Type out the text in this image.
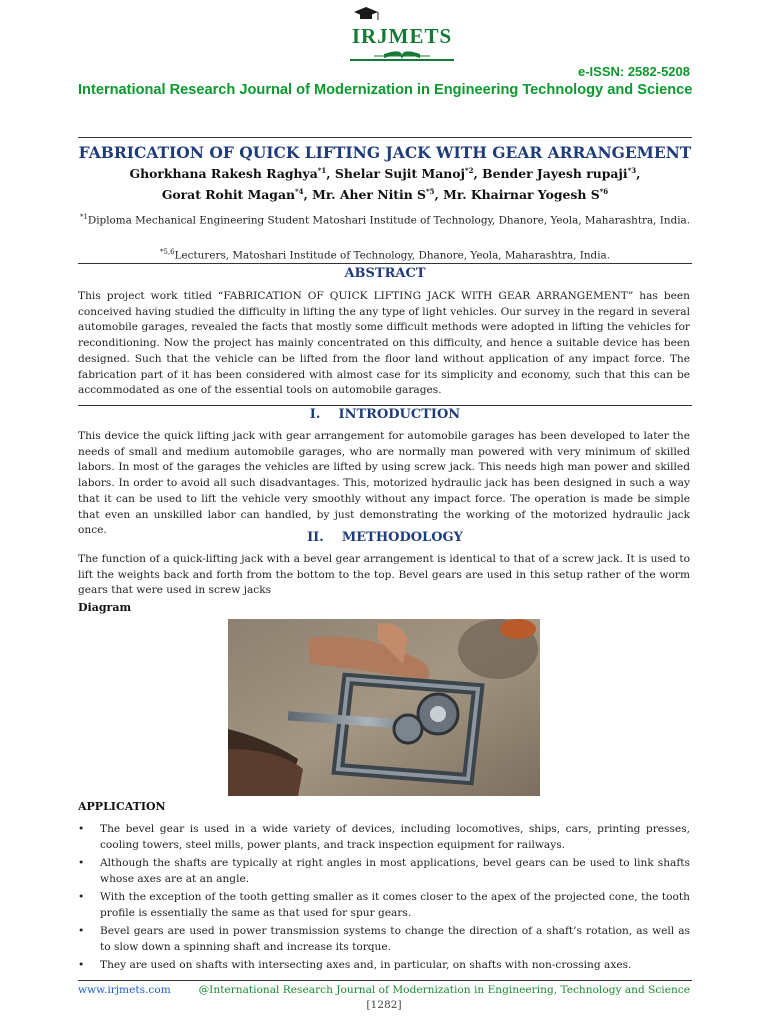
IRJMETS
e-ISSN: 2582-5208
International Research Journal of Modernization in Engineering Technology and Science
FABRICATION OF QUICK LIFTING JACK WITH GEAR ARRANGEMENT
Ghorkhana Rakesh Raghya$^{*1}$, Shelar Sujit Manoj$^{*2}$, Bender Jayesh rupaji$^{*3}$,
Gorat Rohit Magan$^{*4}$, Mr. Aher Nitin $S^{*5}$, Mr. Khairnar Yogesh $S^{*6}$
$^{*1}$Diploma Mechanical Engineering Student Matoshari Institude of Technology, Dhanore, Yeola, Maharashtra, India.
$^{*5,6}$Lecturers, Matoshari Institude of Technology, Dhanore, Yeola, Maharashtra, India.
ABSTRACT
This project work titled “FABRICATION OF QUICK LIFTING JACK WITH GEAR ARRANGEMENT” has been conceived having studied the difficulty in lifting the any type of light vehicles. Our survey in the regard in several automobile garages, revealed the facts that mostly some difficult methods were adopted in lifting the vehicles for reconditioning. Now the project has mainly concentrated on this difficulty, and hence a suitable device has been designed. Such that the vehicle can be lifted from the floor land without application of any impact force. The fabrication part of it has been considered with almost case for its simplicity and economy, such that this can be accommodated as one of the essential tools on automobile garages.
I.    INTRODUCTION
This device the quick lifting jack with gear arrangement for automobile garages has been developed to later the needs of small and medium automobile garages, who are normally man powered with very minimum of skilled labors. In most of the garages the vehicles are lifted by using screw jack. This needs high man power and skilled labors. In order to avoid all such disadvantages. This, motorized hydraulic jack has been designed in such a way that it can be used to lift the vehicle very smoothly without any impact force. The operation is made be simple that even an unskilled labor can handled, by just demonstrating the working of the motorized hydraulic jack once.	II.    METHODOLOGY
The function of a quick-lifting jack with a bevel gear arrangement is identical to that of a screw jack. It is used to lift the weights back and forth from the bottom to the top. Bevel gears are used in this setup rather of the worm gears that were used in screw jacks
Diagram
APPLICATION
• The bevel gear is used in a wide variety of devices, including locomotives, ships, cars, printing presses, cooling towers, steel mills, power plants, and track inspection equipment for railways.
• Although the shafts are typically at right angles in most applications, bevel gears can be used to link shafts whose axes are at an angle.
• With the exception of the tooth getting smaller as it comes closer to the apex of the projected cone, the tooth profile is essentially the same as that used for spur gears.
• Bevel gears are used in power transmission systems to change the direction of a shaft’s rotation, as well as to slow down a spinning shaft and increase its torque.
• They are used on shafts with intersecting axes and, in particular, on shafts with non-crossing axes.
www.irjmets.com	@International Research Journal of Modernization in Engineering, Technology and Science
[1282]
